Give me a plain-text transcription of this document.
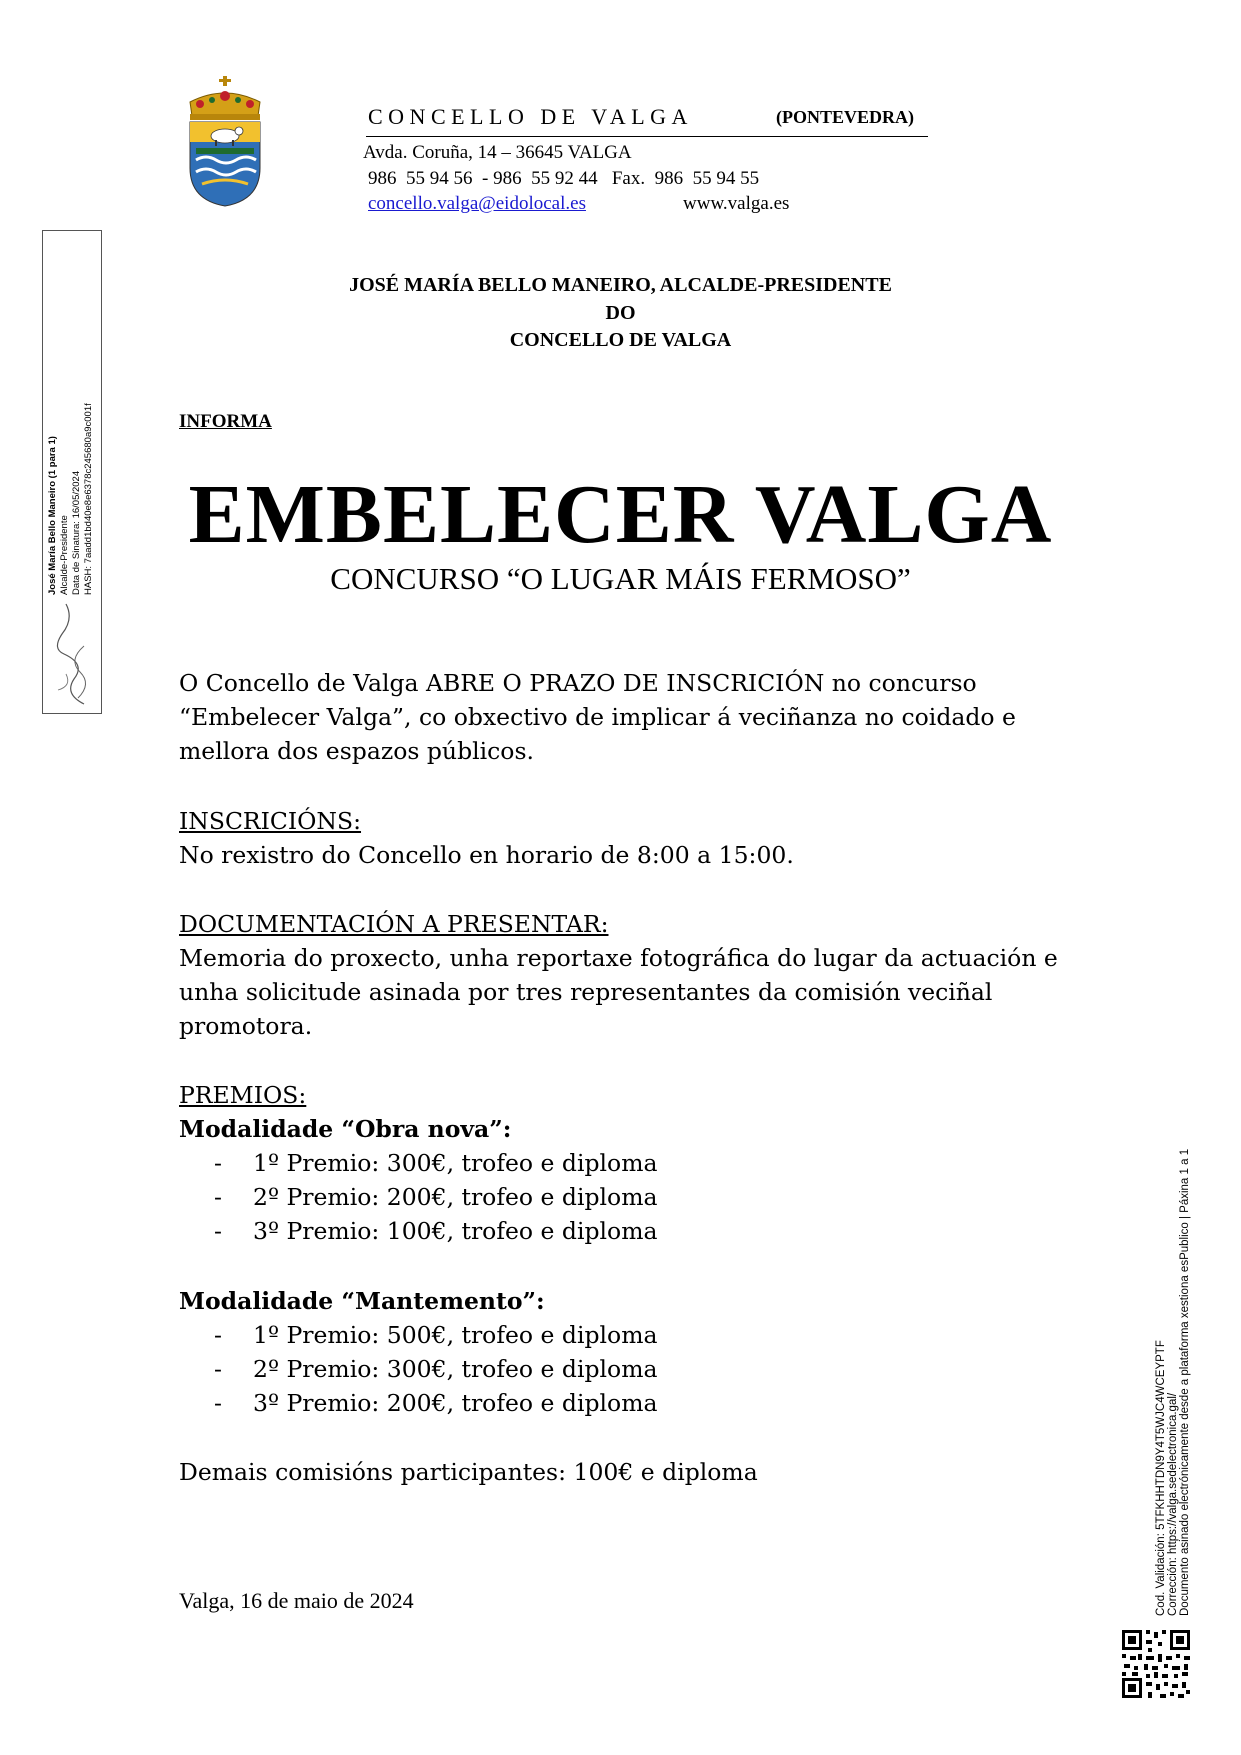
CONCELLO DE VALGA	(PONTEVEDRA)
Avda. Coruña, 14 – 36645 VALGA
986  55 94 56  - 986  55 92 44   Fax.  986  55 94 55
concello.valga@eidolocal.es	www.valga.es
José María Bello Maneiro (1 para 1) Alcalde-Presidente Data de Sinatura: 16/05/2024 HASH: 7aadd1bd40e8e6378c245680a9c001f
JOSÉ MARÍA BELLO MANEIRO, ALCALDE-PRESIDENTE
DO
CONCELLO DE VALGA
INFORMA
EMBELECER VALGA
CONCURSO “O LUGAR MÁIS FERMOSO”
O Concello de Valga ABRE O PRAZO DE INSCRICIÓN no concurso “Embelecer Valga”, co obxectivo de implicar á veciñanza no coidado e mellora dos espazos públicos.
INSCRICIÓNS:
No rexistro do Concello en horario de 8:00 a 15:00.
DOCUMENTACIÓN A PRESENTAR:
Memoria do proxecto, unha reportaxe fotográfica do lugar da actuación e unha solicitude asinada por tres representantes da comisión veciñal promotora.
PREMIOS:
Modalidade “Obra nova”:
- 1º Premio: 300€, trofeo e diploma
- 2º Premio: 200€, trofeo e diploma
- 3º Premio: 100€, trofeo e diploma
Modalidade “Mantemento”:
- 1º Premio: 500€, trofeo e diploma
- 2º Premio: 300€, trofeo e diploma
- 3º Premio: 200€, trofeo e diploma
Demais comisións participantes: 100€ e diploma
Valga, 16 de maio de 2024	Cod. Validación: 5TFKHHTDN9Y4T5WJC4WCEYPTF Corrección: https://valga.sedelectronica.gal/ Documento asinado electrónicamente desde a plataforma xestiona esPublico | Páxina 1 a 1
